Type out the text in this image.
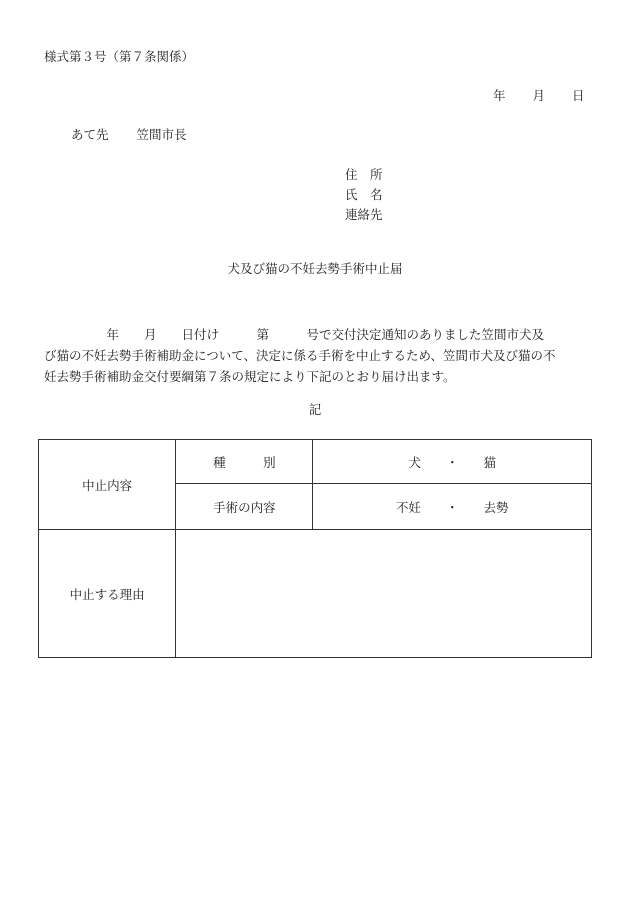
様式第３号（第７条関係）
年 月 日
あて先 笠間市長
住　所
氏　名
連絡先
犬及び猫の不妊去勢手術中止届
　　　　　年　　月　　日付け　　　第　　　号で交付決定通知のありました笠間市犬及
び猫の不妊去勢手術補助金について、決定に係る手術を中止するため、笠間市犬及び猫の不
妊去勢手術補助金交付要綱第７条の規定により下記のとおり届け出ます。
記
中止内容	種　　　別	犬　　・　　猫
	手術の内容	不妊　　・　　去勢
中止する理由		
